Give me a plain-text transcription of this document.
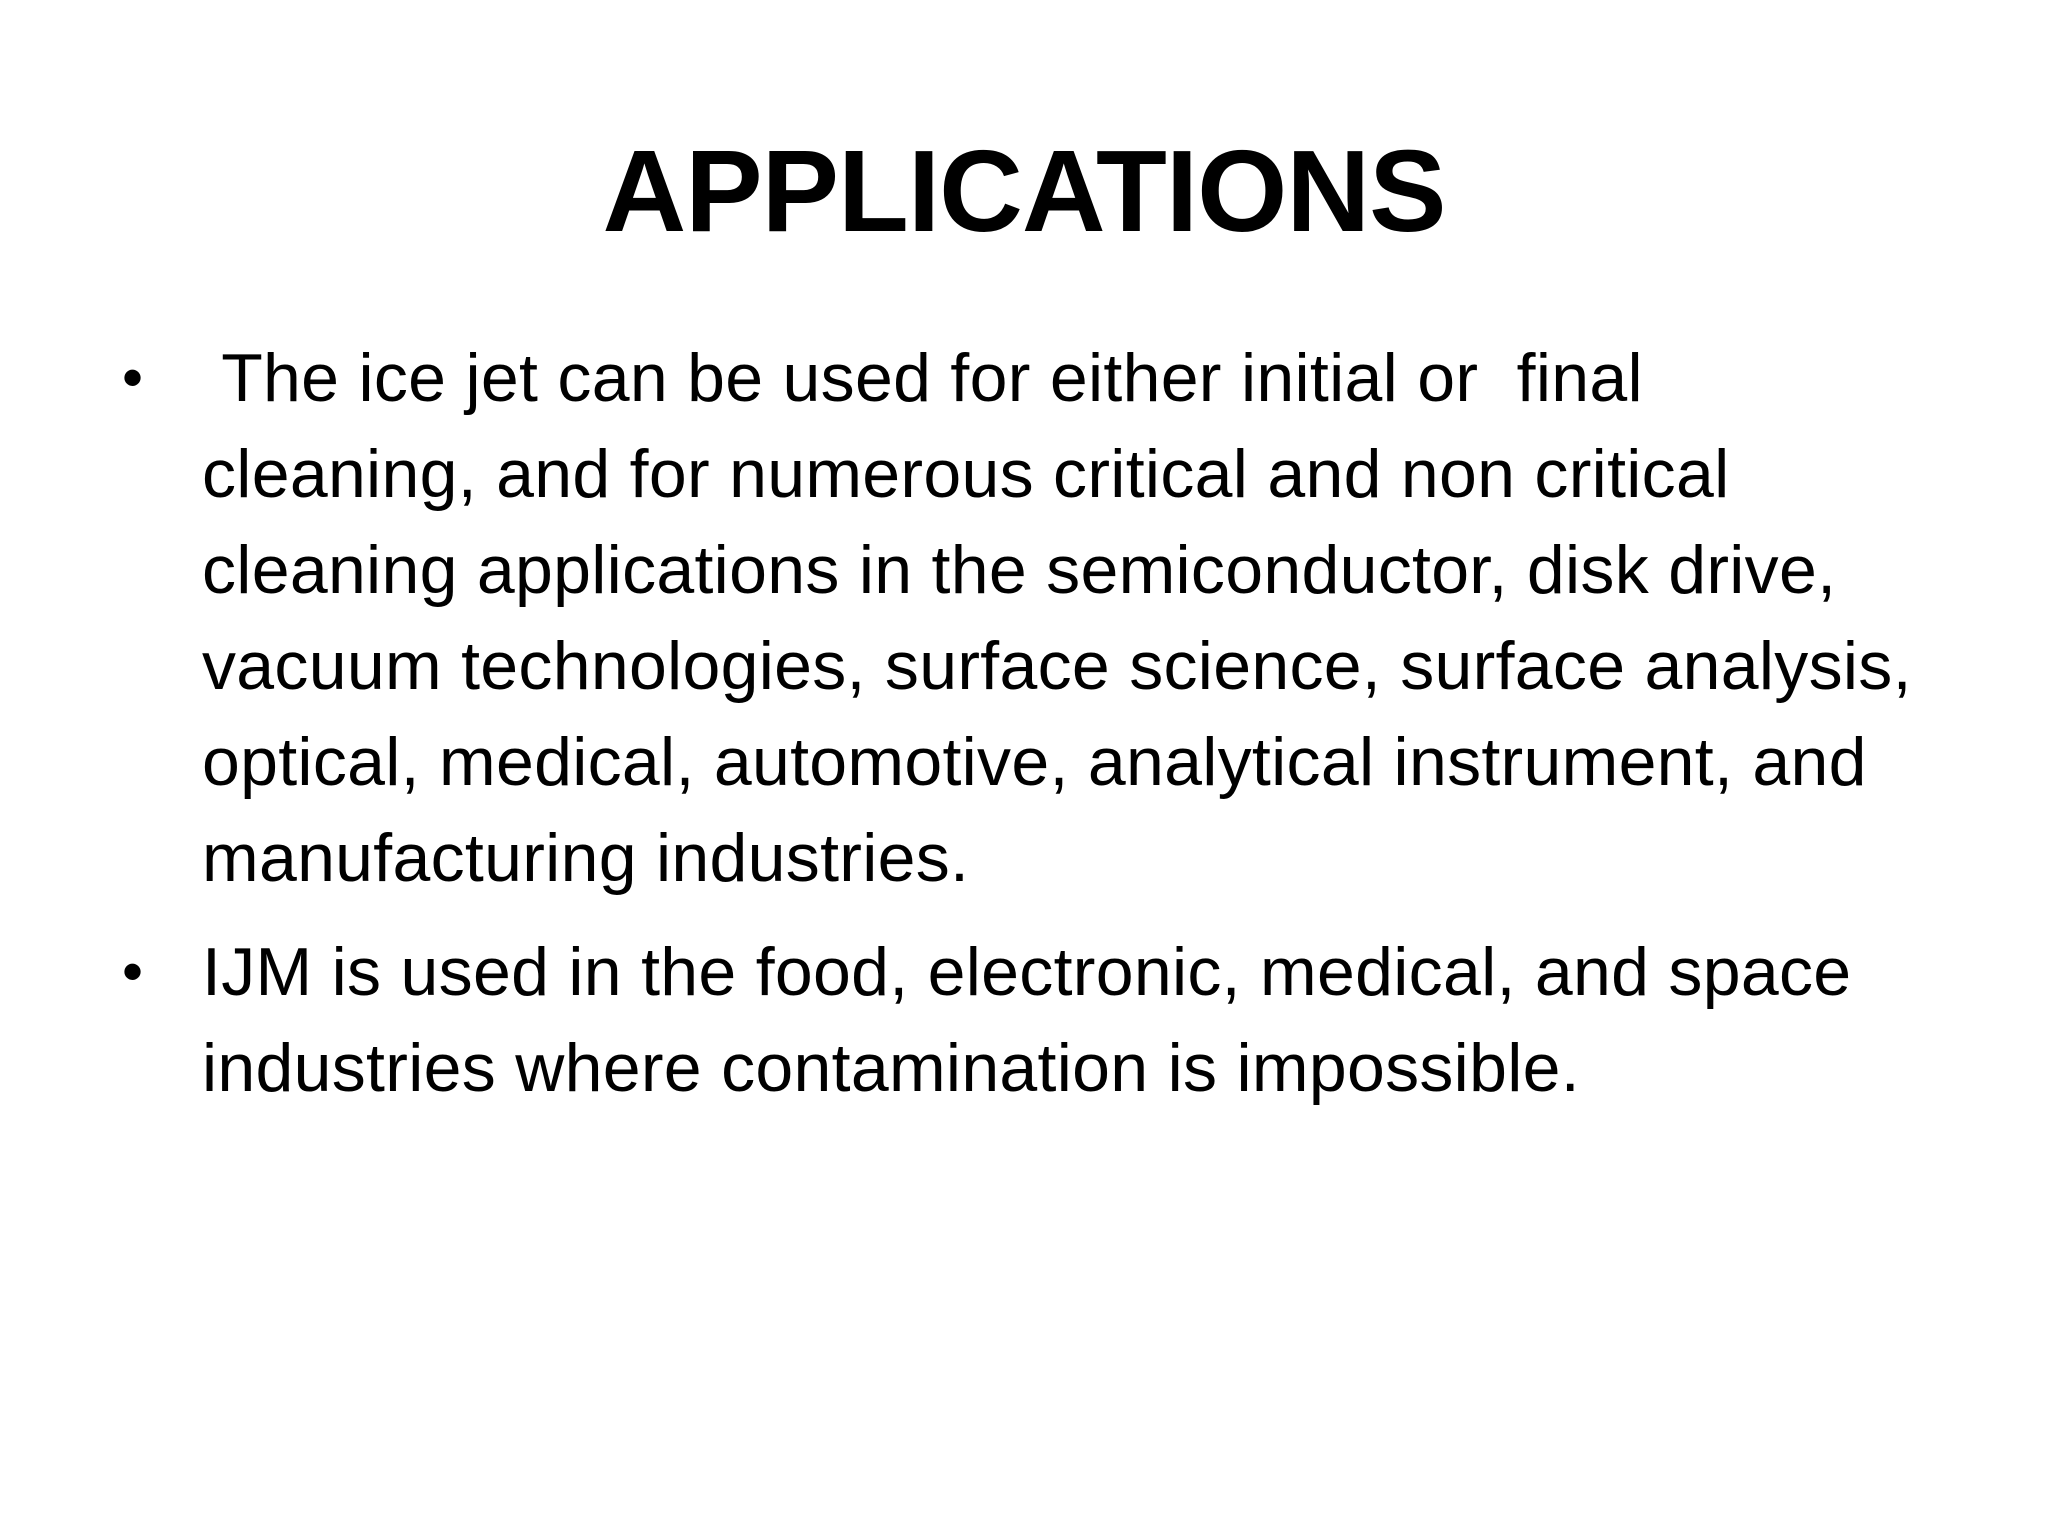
APPLICATIONS
• The ice jet can be used for either initial or  final cleaning, and for numerous critical and non critical cleaning applications in the semiconductor, disk drive, vacuum technologies, surface science, surface analysis, optical, medical, automotive, analytical instrument, and manufacturing industries.
• IJM is used in the food, electronic, medical, and space industries where contamination is impossible.
